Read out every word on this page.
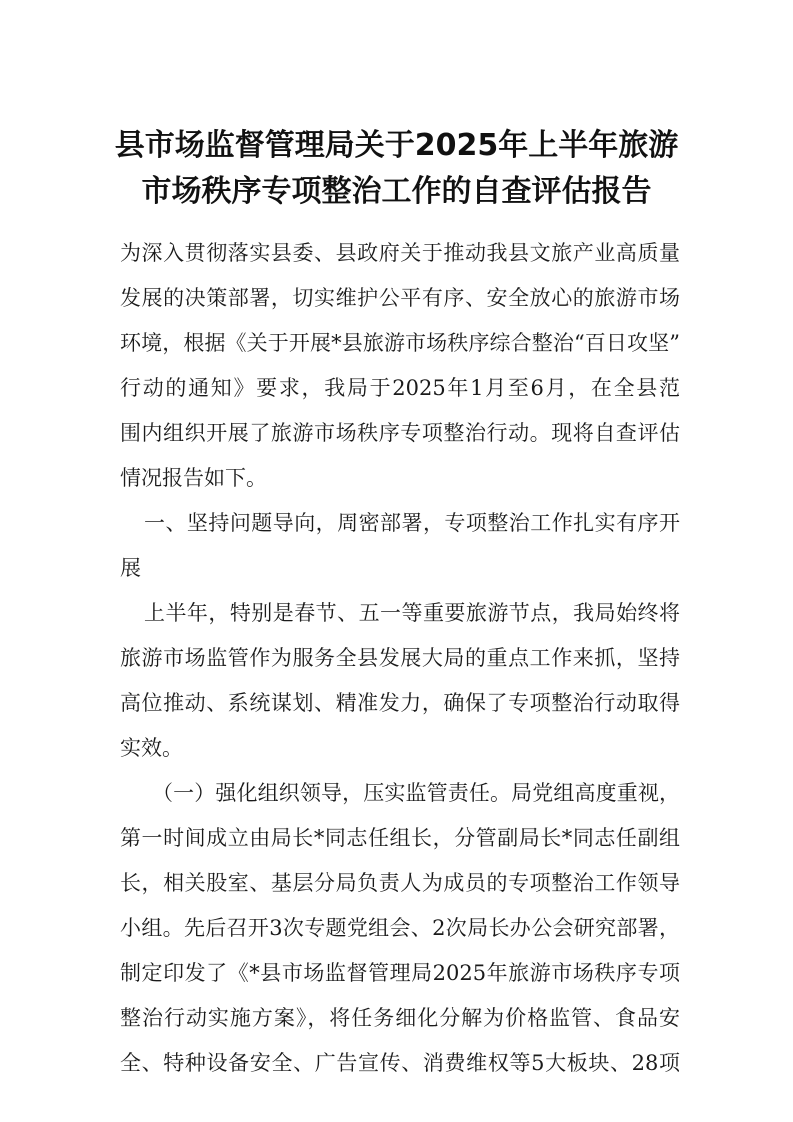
县市场监督管理局关于2025年上半年旅游
市场秩序专项整治工作的自查评估报告
为深入贯彻落实县委、县政府关于推动我县文旅产业高质量
发展的决策部署，切实维护公平有序、安全放心的旅游市场
环境，根据《关于开展*县旅游市场秩序综合整治“百日攻坚”
行动的通知》要求，我局于2025年1月至6月，在全县范
围内组织开展了旅游市场秩序专项整治行动。现将自查评估
情况报告如下。
一、坚持问题导向，周密部署，专项整治工作扎实有序开
展
上半年，特别是春节、五一等重要旅游节点，我局始终将
旅游市场监管作为服务全县发展大局的重点工作来抓，坚持
高位推动、系统谋划、精准发力，确保了专项整治行动取得
实效。
（一）强化组织领导，压实监管责任。局党组高度重视，
第一时间成立由局长*同志任组长，分管副局长*同志任副组
长，相关股室、基层分局负责人为成员的专项整治工作领导
小组。先后召开3次专题党组会、2次局长办公会研究部署，
制定印发了《*县市场监督管理局2025年旅游市场秩序专项
整治行动实施方案》，将任务细化分解为价格监管、食品安
全、特种设备安全、广告宣传、消费维权等5大板块、28项
